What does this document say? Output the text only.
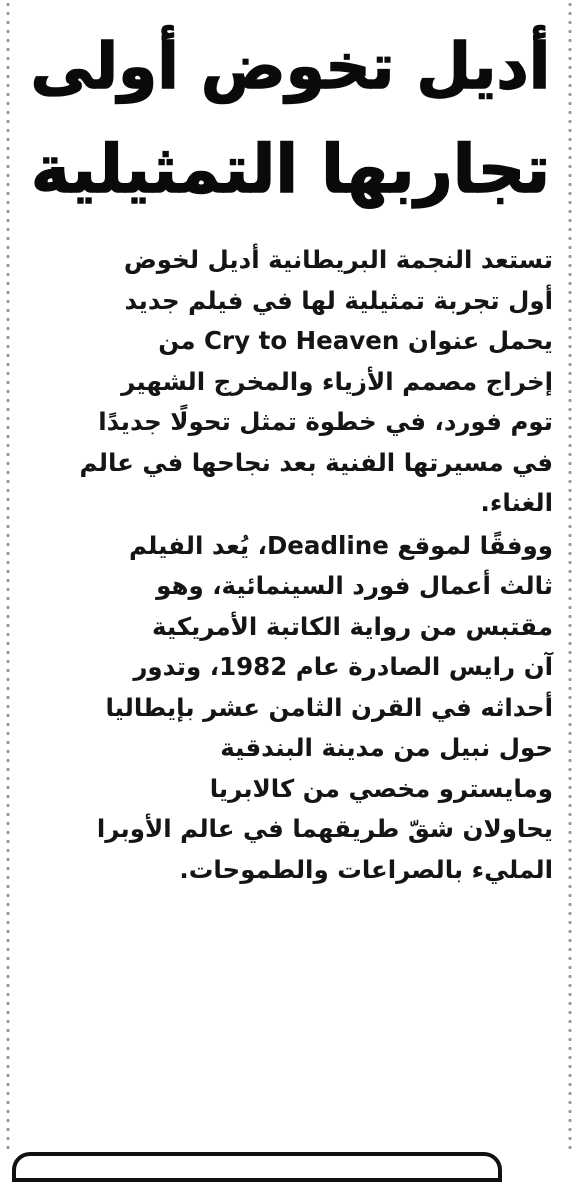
أديل تخوض أولى
تجاربها التمثيلية

تستعد النجمة البريطانية أديل لخوض
أول تجربة تمثيلية لها في فيلم جديد
يحمل عنوان Cry to Heaven من
إخراج مصمم الأزياء والمخرج الشهير
توم فورد، في خطوة تمثل تحولًا جديدًا
في مسيرتها الفنية بعد نجاحها في عالم
الغناء.

ووفقًا لموقع Deadline، يُعد الفيلم
ثالث أعمال فورد السينمائية، وهو
مقتبس من رواية الكاتبة الأمريكية
آن رايس الصادرة عام 1982، وتدور
أحداثه في القرن الثامن عشر بإيطاليا
حول نبيل من مدينة البندقية
ومايسترو مخصي من كالابريا
يحاولان شقّ طريقهما في عالم الأوبرا
المليء بالصراعات والطموحات.
